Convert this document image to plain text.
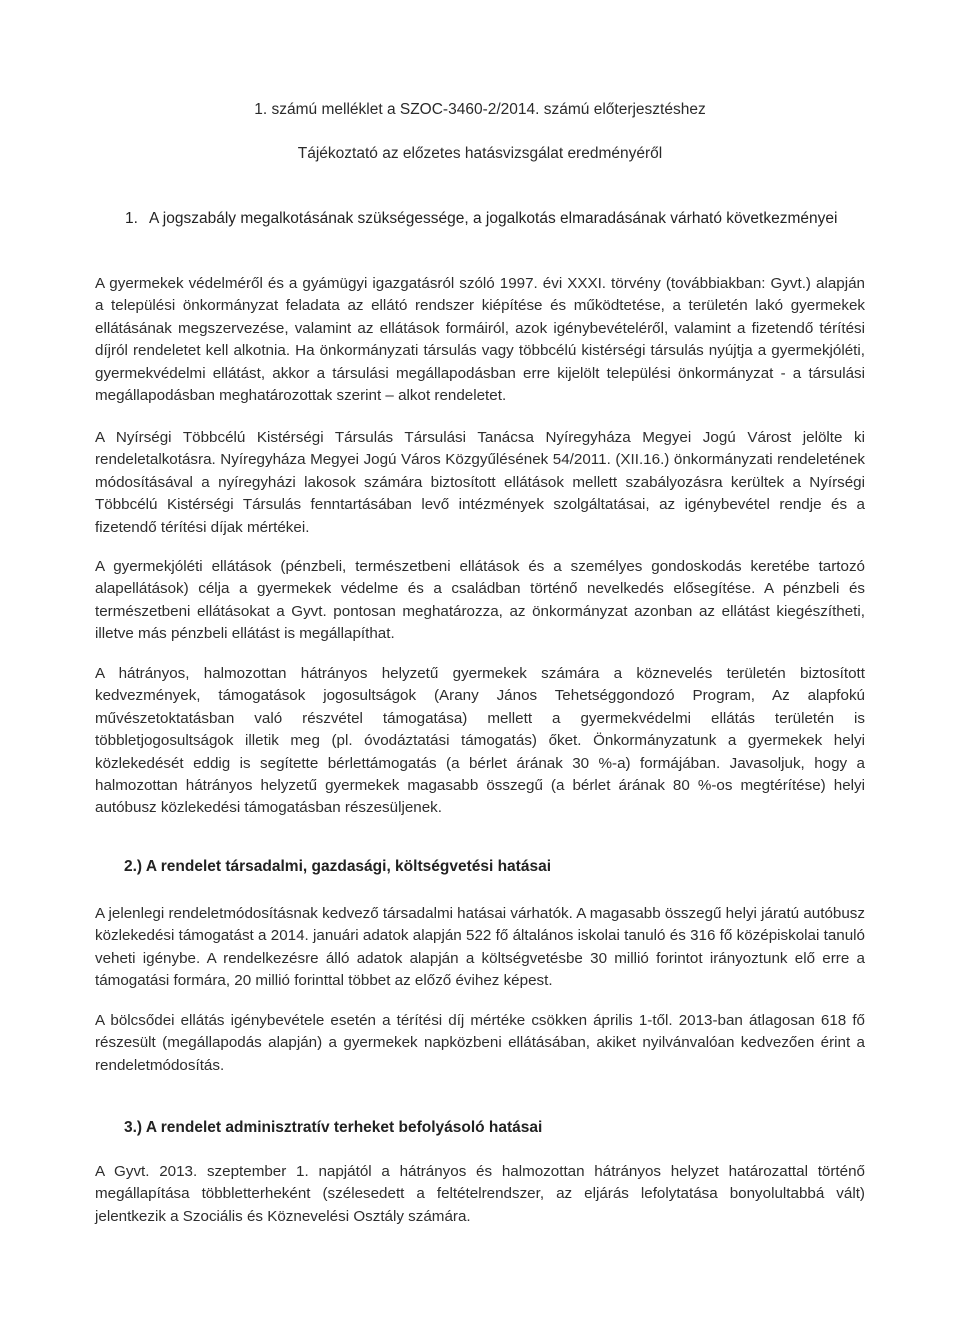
1. számú melléklet a SZOC-3460-2/2014. számú előterjesztéshez
Tájékoztató az előzetes hatásvizsgálat eredményéről
1. A jogszabály megalkotásának szükségessége, a jogalkotás elmaradásának várható következményei

A gyermekek védelméről és a gyámügyi igazgatásról szóló 1997. évi XXXI. törvény (továbbiakban: Gyvt.) alapján a települési önkormányzat feladata az ellátó rendszer kiépítése és működtetése, a területén lakó gyermekek ellátásának megszervezése, valamint az ellátások formáiról, azok igénybevételéről, valamint a fizetendő térítési díjról rendeletet kell alkotnia. Ha önkormányzati társulás vagy többcélú kistérségi társulás nyújtja a gyermekjóléti, gyermekvédelmi ellátást, akkor a társulási megállapodásban erre kijelölt települési önkormányzat - a társulási megállapodásban meghatározottak szerint – alkot rendeletet.

A Nyírségi Többcélú Kistérségi Társulás Társulási Tanácsa Nyíregyháza Megyei Jogú Várost jelölte ki rendeletalkotásra. Nyíregyháza Megyei Jogú Város Közgyűlésének 54/2011. (XII.16.) önkormányzati rendeletének módosításával a nyíregyházi lakosok számára biztosított ellátások mellett szabályozásra kerültek a Nyírségi Többcélú Kistérségi Társulás fenntartásában levő intézmények szolgáltatásai, az igénybevétel rendje és a fizetendő térítési díjak mértékei.

A gyermekjóléti ellátások (pénzbeli, természetbeni ellátások és a személyes gondoskodás keretébe tartozó alapellátások) célja a gyermekek védelme és a családban történő nevelkedés elősegítése. A pénzbeli és természetbeni ellátásokat a Gyvt. pontosan meghatározza, az önkormányzat azonban az ellátást kiegészítheti, illetve más pénzbeli ellátást is megállapíthat.

A hátrányos, halmozottan hátrányos helyzetű gyermekek számára a köznevelés területén biztosított kedvezmények, támogatások jogosultságok (Arany János Tehetséggondozó Program, Az alapfokú művészetoktatásban való részvétel támogatása) mellett a gyermekvédelmi ellátás területén is többletjogosultságok illetik meg (pl. óvodáztatási támogatás) őket. Önkormányzatunk a gyermekek helyi közlekedését eddig is segítette bérlettámogatás (a bérlet árának 30 %-a) formájában. Javasoljuk, hogy a halmozottan hátrányos helyzetű gyermekek magasabb összegű (a bérlet árának 80 %-os megtérítése) helyi autóbusz közlekedési támogatásban részesüljenek.

2.) A rendelet társadalmi, gazdasági, költségvetési hatásai

A jelenlegi rendeletmódosításnak kedvező társadalmi hatásai várhatók. A magasabb összegű helyi járatú autóbusz közlekedési támogatást a 2014. januári adatok alapján 522 fő általános iskolai tanuló és 316 fő középiskolai tanuló veheti igénybe. A rendelkezésre álló adatok alapján a költségvetésbe 30 millió forintot irányoztunk elő erre a támogatási formára, 20 millió forinttal többet az előző évihez képest.

A bölcsődei ellátás igénybevétele esetén a térítési díj mértéke csökken április 1-től. 2013-ban átlagosan 618 fő részesült (megállapodás alapján) a gyermekek napközbeni ellátásában, akiket nyilvánvalóan kedvezően érint a rendeletmódosítás.

3.) A rendelet adminisztratív terheket befolyásoló hatásai

A Gyvt. 2013. szeptember 1. napjától a hátrányos és halmozottan hátrányos helyzet határozattal történő megállapítása többletterheként (szélesedett a feltételrendszer, az eljárás lefolytatása bonyolultabbá vált) jelentkezik a Szociális és Köznevelési Osztály számára.
